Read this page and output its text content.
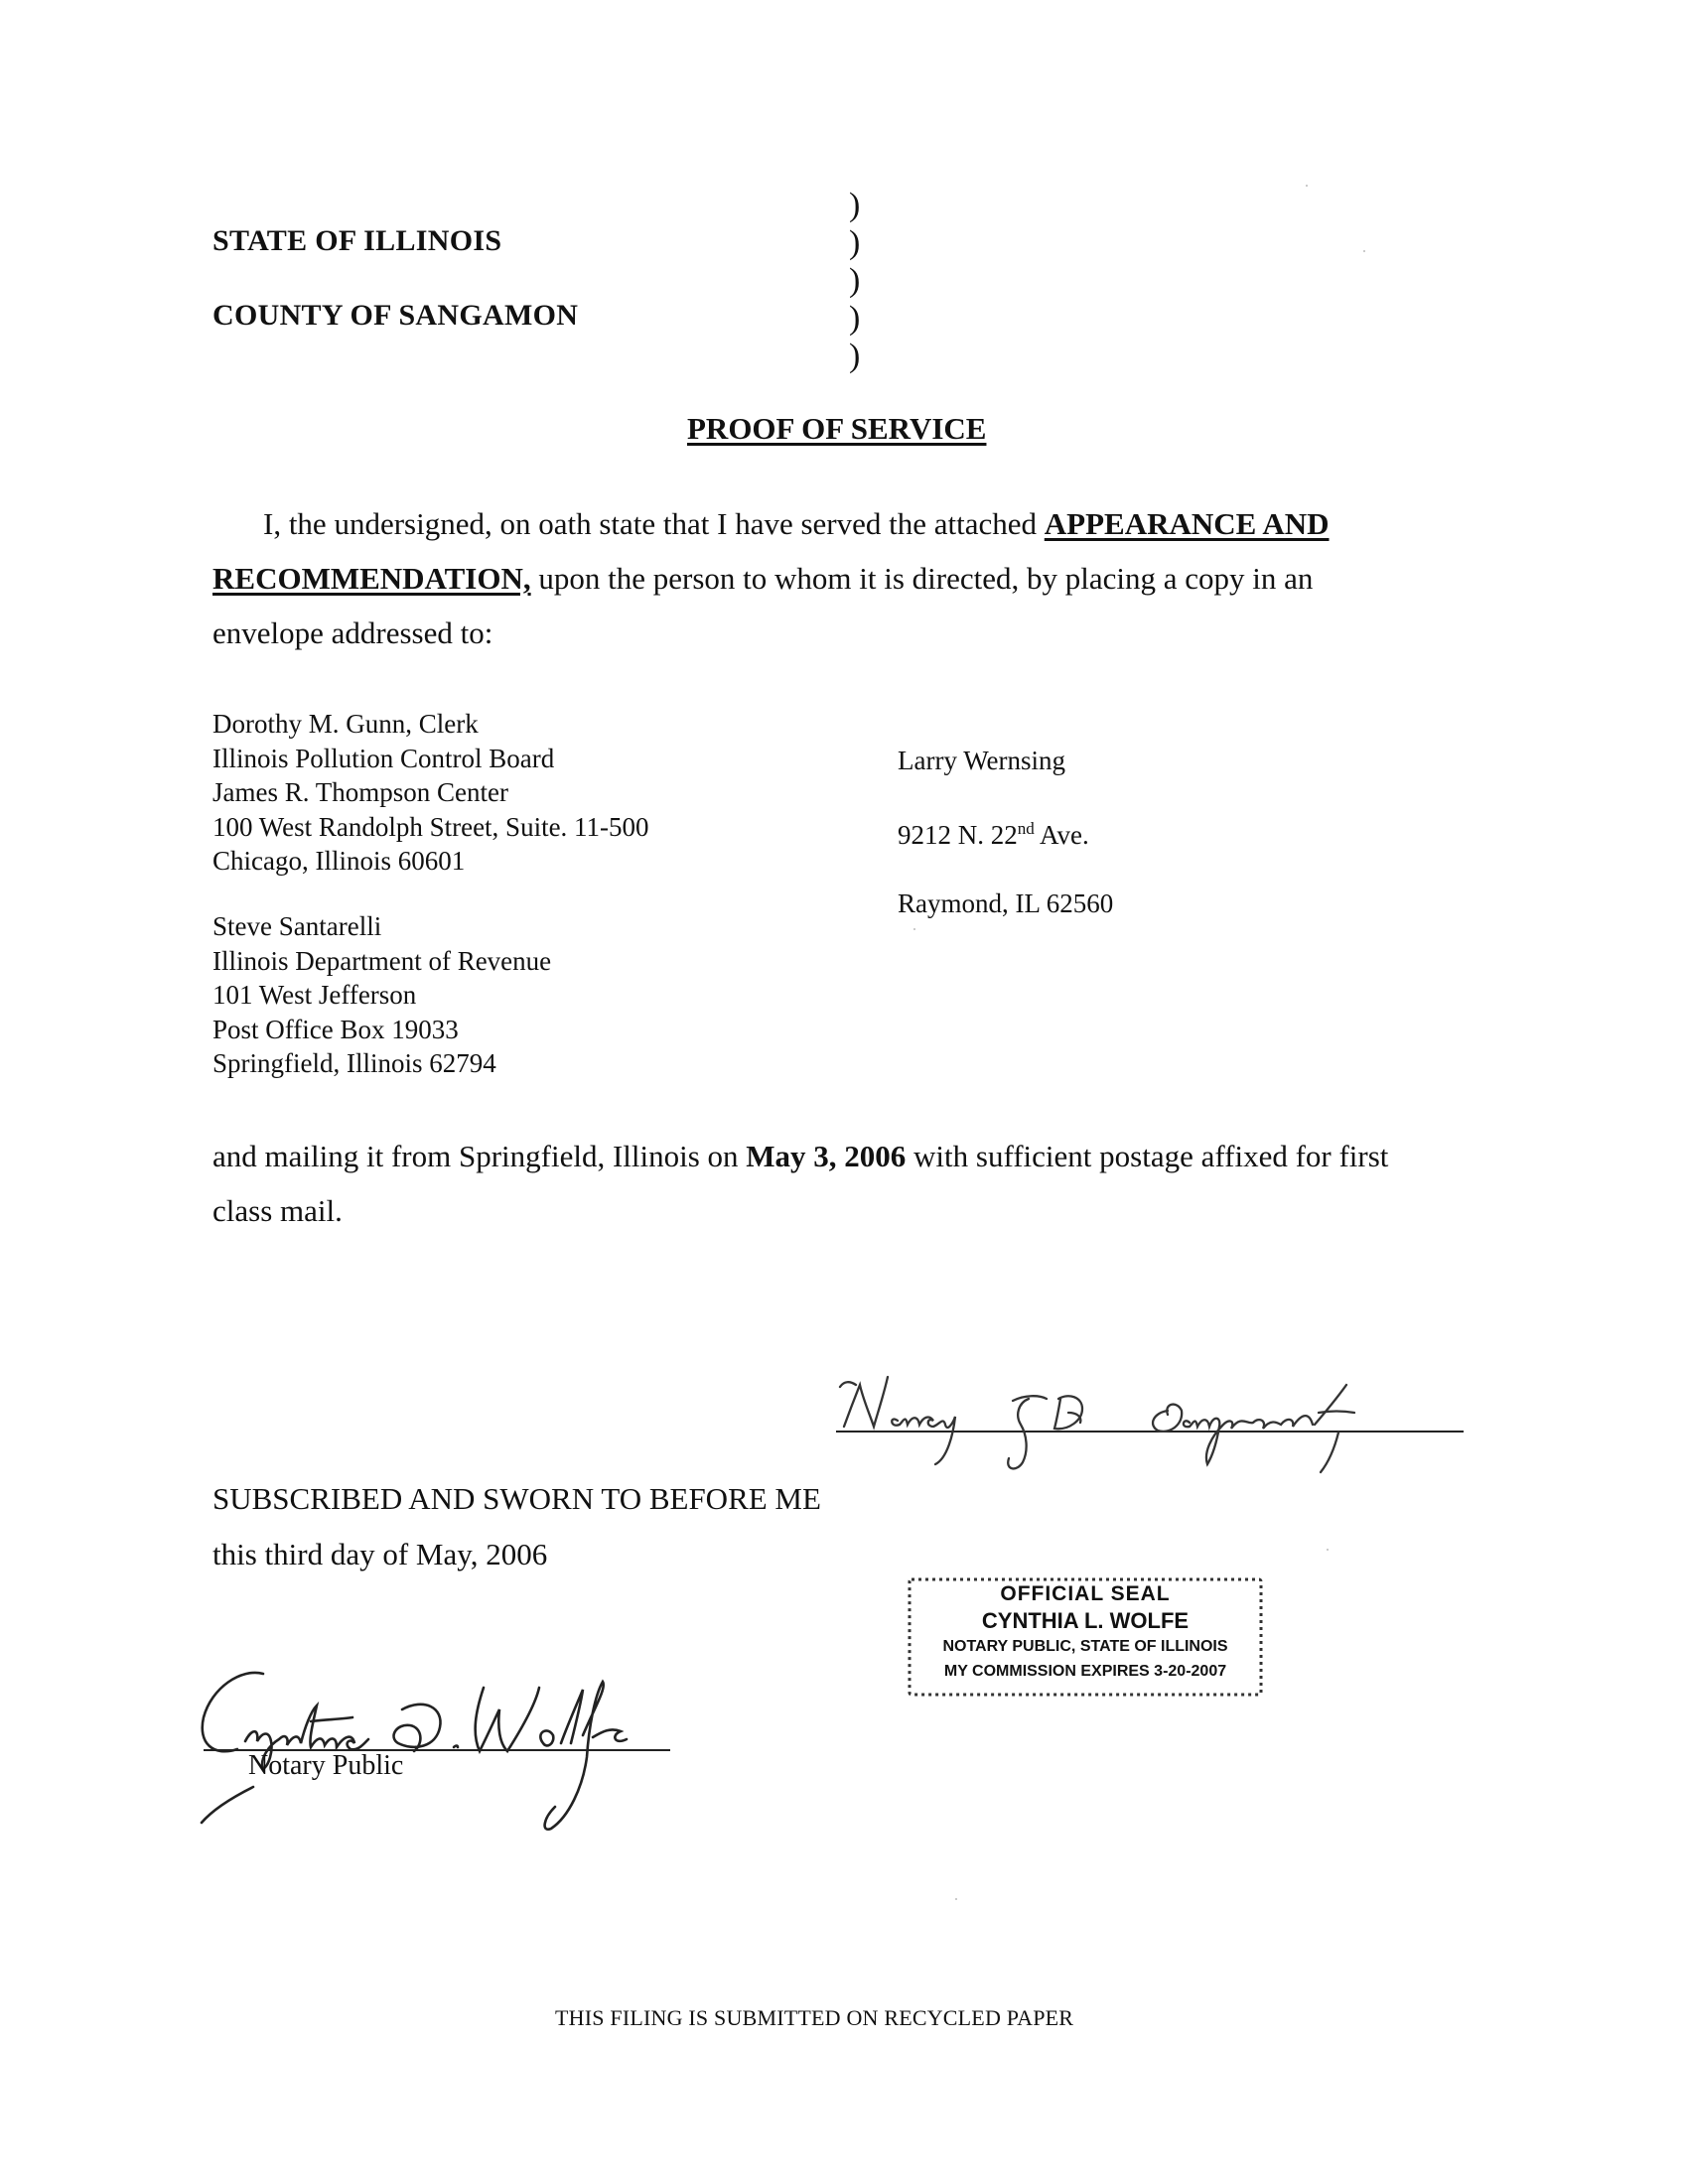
STATE OF ILLINOIS
COUNTY OF SANGAMON
)
)
)
)
)
PROOF OF SERVICE
I, the undersigned, on oath state that I have served the attached APPEARANCE AND
RECOMMENDATION, upon the person to whom it is directed, by placing a copy in an
envelope addressed to:
Dorothy M. Gunn, Clerk
Illinois Pollution Control Board
James R. Thompson Center
100 West Randolph Street, Suite. 11-500
Chicago, Illinois 60601
Steve Santarelli
Illinois Department of Revenue
101 West Jefferson
Post Office Box 19033
Springfield, Illinois 62794

Larry Wernsing

9212 N. 22nd Ave.

Raymond, IL 62560

and mailing it from Springfield, Illinois on May 3, 2006 with sufficient postage affixed for first
class mail.
SUBSCRIBED AND SWORN TO BEFORE ME
this third day of May, 2006
Notary Public
OFFICIAL SEAL
CYNTHIA L. WOLFE
NOTARY PUBLIC, STATE OF ILLINOIS
MY COMMISSION EXPIRES 3-20-2007
THIS FILING IS SUBMITTED ON RECYCLED PAPER
